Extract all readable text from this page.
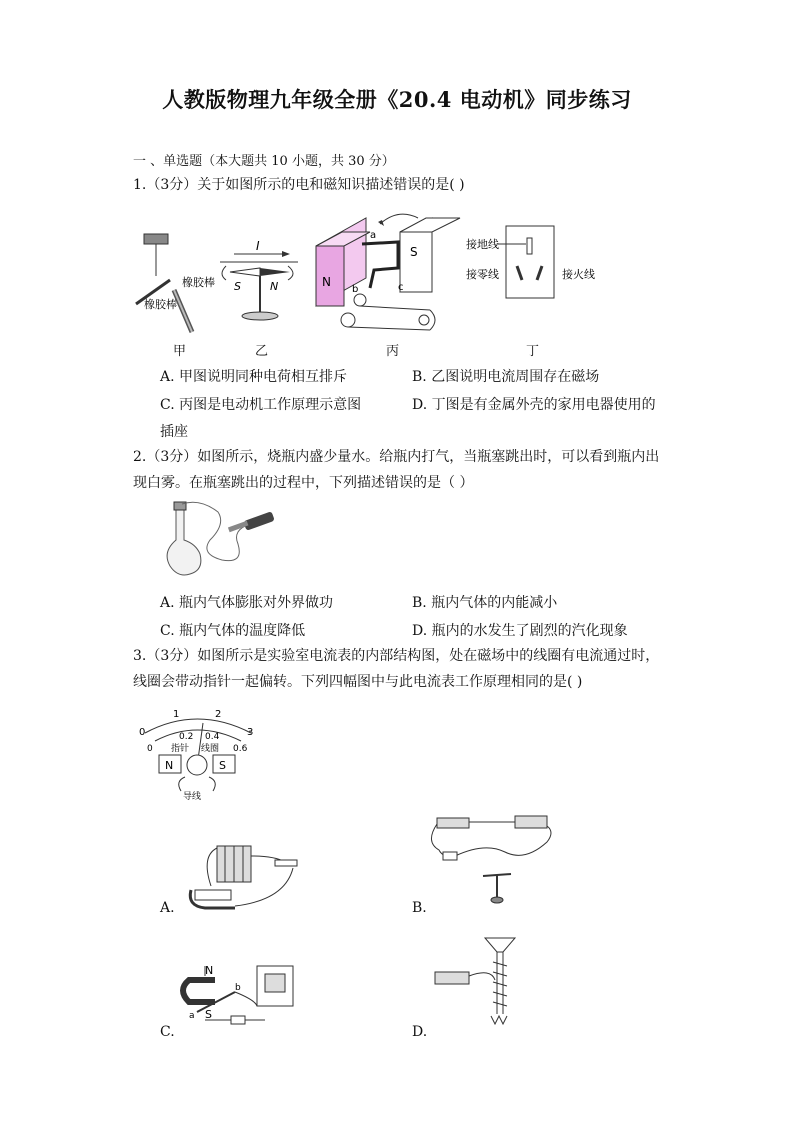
人教版物理九年级全册《20.4 电动机》同步练习
一 、单选题（本大题共 10 小题，共 30 分）
1.（3分）关于如图所示的电和磁知识描述错误的是( )
橡胶棒
橡胶棒
I
S	N	N
S
a
b	c
接地线
接零线	接火线
甲	乙	丙	丁
A. 甲图说明同种电荷相互排斥	B. 乙图说明电流周围存在磁场
C. 丙图是电动机工作原理示意图	D. 丁图是有金属外壳的家用电器使用的
插座
2.（3分）如图所示，烧瓶内盛少量水。给瓶内打气，当瓶塞跳出时，可以看到瓶内出
现白雾。在瓶塞跳出的过程中，下列描述错误的是（ ）
A. 瓶内气体膨胀对外界做功	B. 瓶内气体的内能减小
C. 瓶内气体的温度降低	D. 瓶内的水发生了剧烈的汽化现象
3.（3分）如图所示是实验室电流表的内部结构图，处在磁场中的线圈有电流通过时，
线圈会带动指针一起偏转。下列四幅图中与此电流表工作原理相同的是( )
0
1	2
3
0
0.2 0.4
0.6
指针 线圈
N	S
导线
A.	B.
N
S
b
a
C.	D.
